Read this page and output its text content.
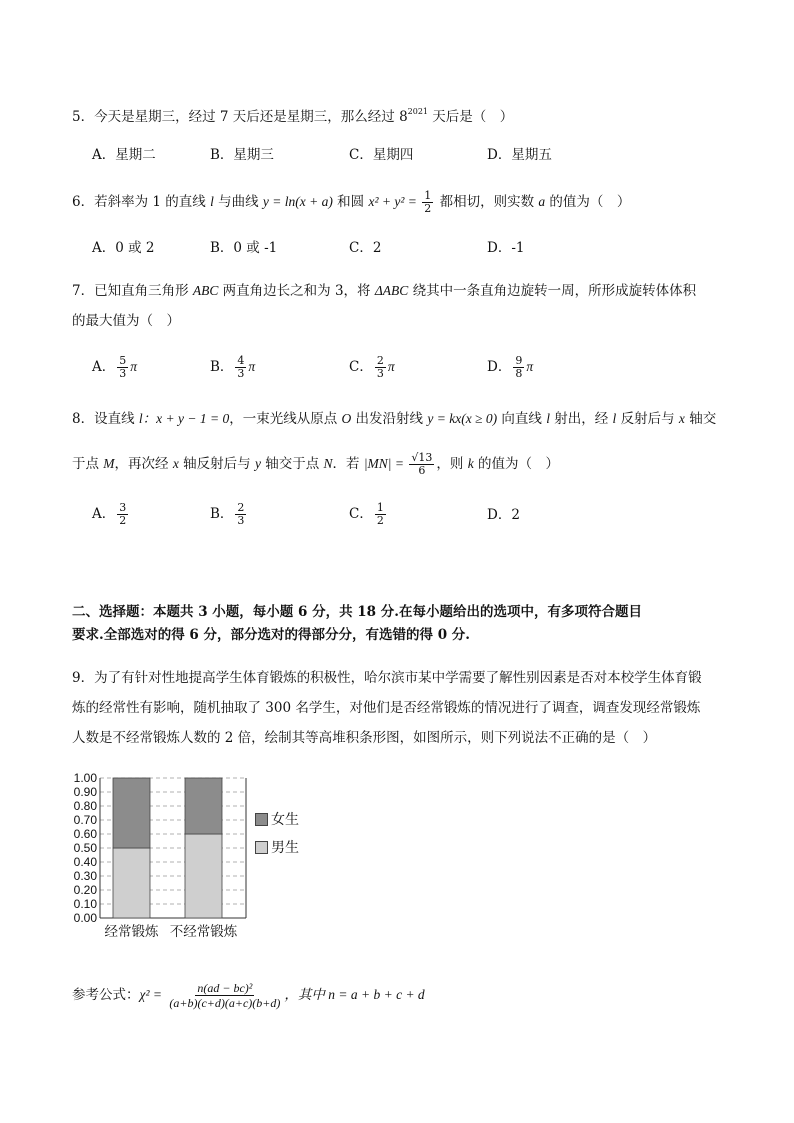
5．今天是星期三，经过 7 天后还是星期三，那么经过 $8^{2021}$ 天后是（　）
A．星期二	B．星期三	C．星期四	D．星期五
6．若斜率为 1 的直线 l 与曲线 y = ln(x + a) 和圆 $x^2 + y^2 = \frac{1}{2}$ 都相切，则实数 a 的值为（　）
A．0 或 2	B．0 或 -1	C．2	D．-1
7．已知直角三角形 ABC 两直角边长之和为 3，将 ΔABC 绕其中一条直角边旋转一周，所形成旋转体体积
的最大值为（　）
A． $\frac{5}{3}$ π	B． $\frac{4}{3}$ π	C． $\frac{2}{3}$ π	D． $\frac{9}{8}$ π
8．设直线 l：x + y − 1 = 0，一束光线从原点 O 出发沿射线 y = kx(x ≥ 0) 向直线 l 射出，经 l 反射后与 x 轴交
于点 M，再次经 x 轴反射后与 y 轴交于点 N．若 $|MN| = \frac{√13}{6}$ ，则 k 的值为（　）
A． $\frac{3}{2}$	B． $\frac{2}{3}$	C． $\frac{1}{2}$	D．2
二、选择题：本题共 3 小题，每小题 6 分，共 18 分.在每小题给出的选项中，有多项符合题目
要求.全部选对的得 6 分，部分选对的得部分分，有选错的得 0 分.
9．为了有针对性地提高学生体育锻炼的积极性，哈尔滨市某中学需要了解性别因素是否对本校学生体育锻
炼的经常性有影响，随机抽取了 300 名学生，对他们是否经常锻炼的情况进行了调查，调查发现经常锻炼
人数是不经常锻炼人数的 2 倍，绘制其等高堆积条形图，如图所示，则下列说法不正确的是（　）
0.00
0.10
0.20
0.30
0.40
0.50
0.60
0.70
0.80
0.90
1.00
经常锻炼 不经常锻炼
女生
男生
参考公式：$\chi^2 = \frac{\text{n(ad − bc)²}}{(a+b)(c+d)(a+c)(b+d)}$ ，其中 n = a + b + c + d
